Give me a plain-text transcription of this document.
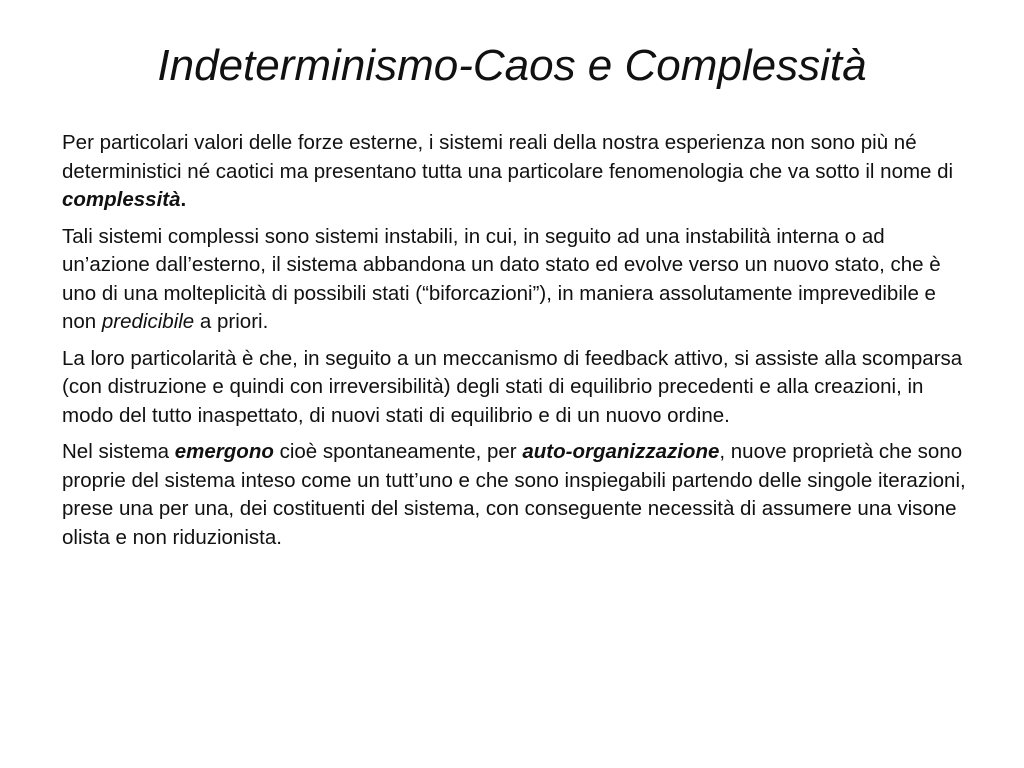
Indeterminismo-Caos e Complessità

Per particolari valori delle forze esterne, i sistemi reali della nostra esperienza non sono più né deterministici né caotici ma presentano tutta una particolare fenomenologia che va sotto il nome di complessità.

Tali sistemi complessi sono sistemi instabili, in cui, in seguito ad una instabilità interna o ad un’azione dall’esterno, il sistema abbandona un dato stato ed evolve verso un nuovo stato, che è uno di una molteplicità di possibili stati (“biforcazioni”), in maniera assolutamente imprevedibile e non predicibile a priori.

La loro particolarità è che, in seguito a un meccanismo di feedback attivo, si assiste alla scomparsa (con distruzione e quindi con irreversibilità) degli stati di equilibrio precedenti e alla creazioni, in modo del tutto inaspettato, di nuovi stati di equilibrio e di un nuovo ordine.

Nel sistema emergono cioè spontaneamente, per auto-organizzazione, nuove proprietà che sono proprie del sistema inteso come un tutt’uno e che sono inspiegabili partendo delle singole iterazioni, prese una per una, dei costituenti del sistema, con conseguente necessità di assumere una visone olista e non riduzionista.
